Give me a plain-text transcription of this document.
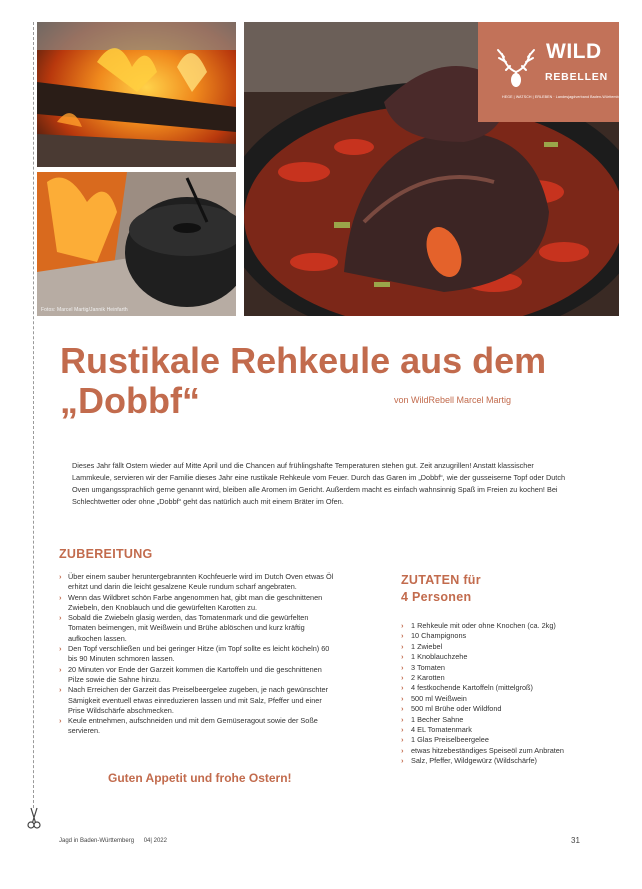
Fotos: Marcel Martig/Jannik Heinfarth
WILD
REBELLEN
HEGE | WATSCH | ERLEBEN · Landesjagdverband Baden-Württemberg e.V.
Rustikale Rehkeule aus dem
„Dobbf“	von WildRebell Marcel Martig

Dieses Jahr fällt Ostern wieder auf Mitte April und die Chancen auf frühlingshafte Temperaturen stehen gut. Zeit anzugrillen! Anstatt klassischer Lammkeule, servieren wir der Familie dieses Jahr eine rustikale Rehkeule vom Feuer. Durch das Garen im „Dobbf“, wie der gusseiserne Topf oder Dutch Oven umgangssprachlich gerne genannt wird, bleiben alle Aromen im Gericht. Außerdem macht es einfach wahnsinnig Spaß im Freien zu kochen! Bei Schlechtwetter oder ohne „Dobbf“ geht das natürlich auch mit einem Bräter im Ofen.

ZUBEREITUNG
› Über einem sauber heruntergebrannten Kochfeuerle wird im Dutch Oven etwas Öl erhitzt und darin die leicht gesalzene Keule rundum scharf angebraten.
› Wenn das Wildbret schön Farbe angenommen hat, gibt man die geschnittenen Zwiebeln, den Knoblauch und die gewürfelten Karotten zu.
› Sobald die Zwiebeln glasig werden, das Tomatenmark und die gewürfelten Tomaten beimengen, mit Weißwein und Brühe ablöschen und kurz kräftig aufkochen lassen.
› Den Topf verschließen und bei geringer Hitze (im Topf sollte es leicht köcheln) 60 bis 90 Minuten schmoren lassen.
› 20 Minuten vor Ende der Garzeit kommen die Kartoffeln und die geschnittenen Pilze sowie die Sahne hinzu.
› Nach Erreichen der Garzeit das Preiselbeergelee zugeben, je nach gewünschter Sämigkeit eventuell etwas einreduzieren lassen und mit Salz, Pfeffer und einer Prise Wildschärfe abschmecken.
› Keule entnehmen, aufschneiden und mit dem Gemüseragout sowie der Soße servieren.
Guten Appetit und frohe Ostern!
ZUTATEN für
4 Personen
› 1 Rehkeule mit oder ohne Knochen (ca. 2kg)
› 10 Champignons
› 1 Zwiebel
› 1 Knoblauchzehe
› 3 Tomaten
› 2 Karotten
› 4 festkochende Kartoffeln (mittelgroß)
› 500 ml Weißwein
› 500 ml Brühe oder Wildfond
› 1 Becher Sahne
› 4 EL Tomatenmark
› 1 Glas Preiselbeergelee
› etwas hitzebeständiges Speiseöl zum Anbraten
› Salz, Pfeffer, Wildgewürz (Wildschärfe)
Jagd in Baden-Württemberg 04| 2022	31
